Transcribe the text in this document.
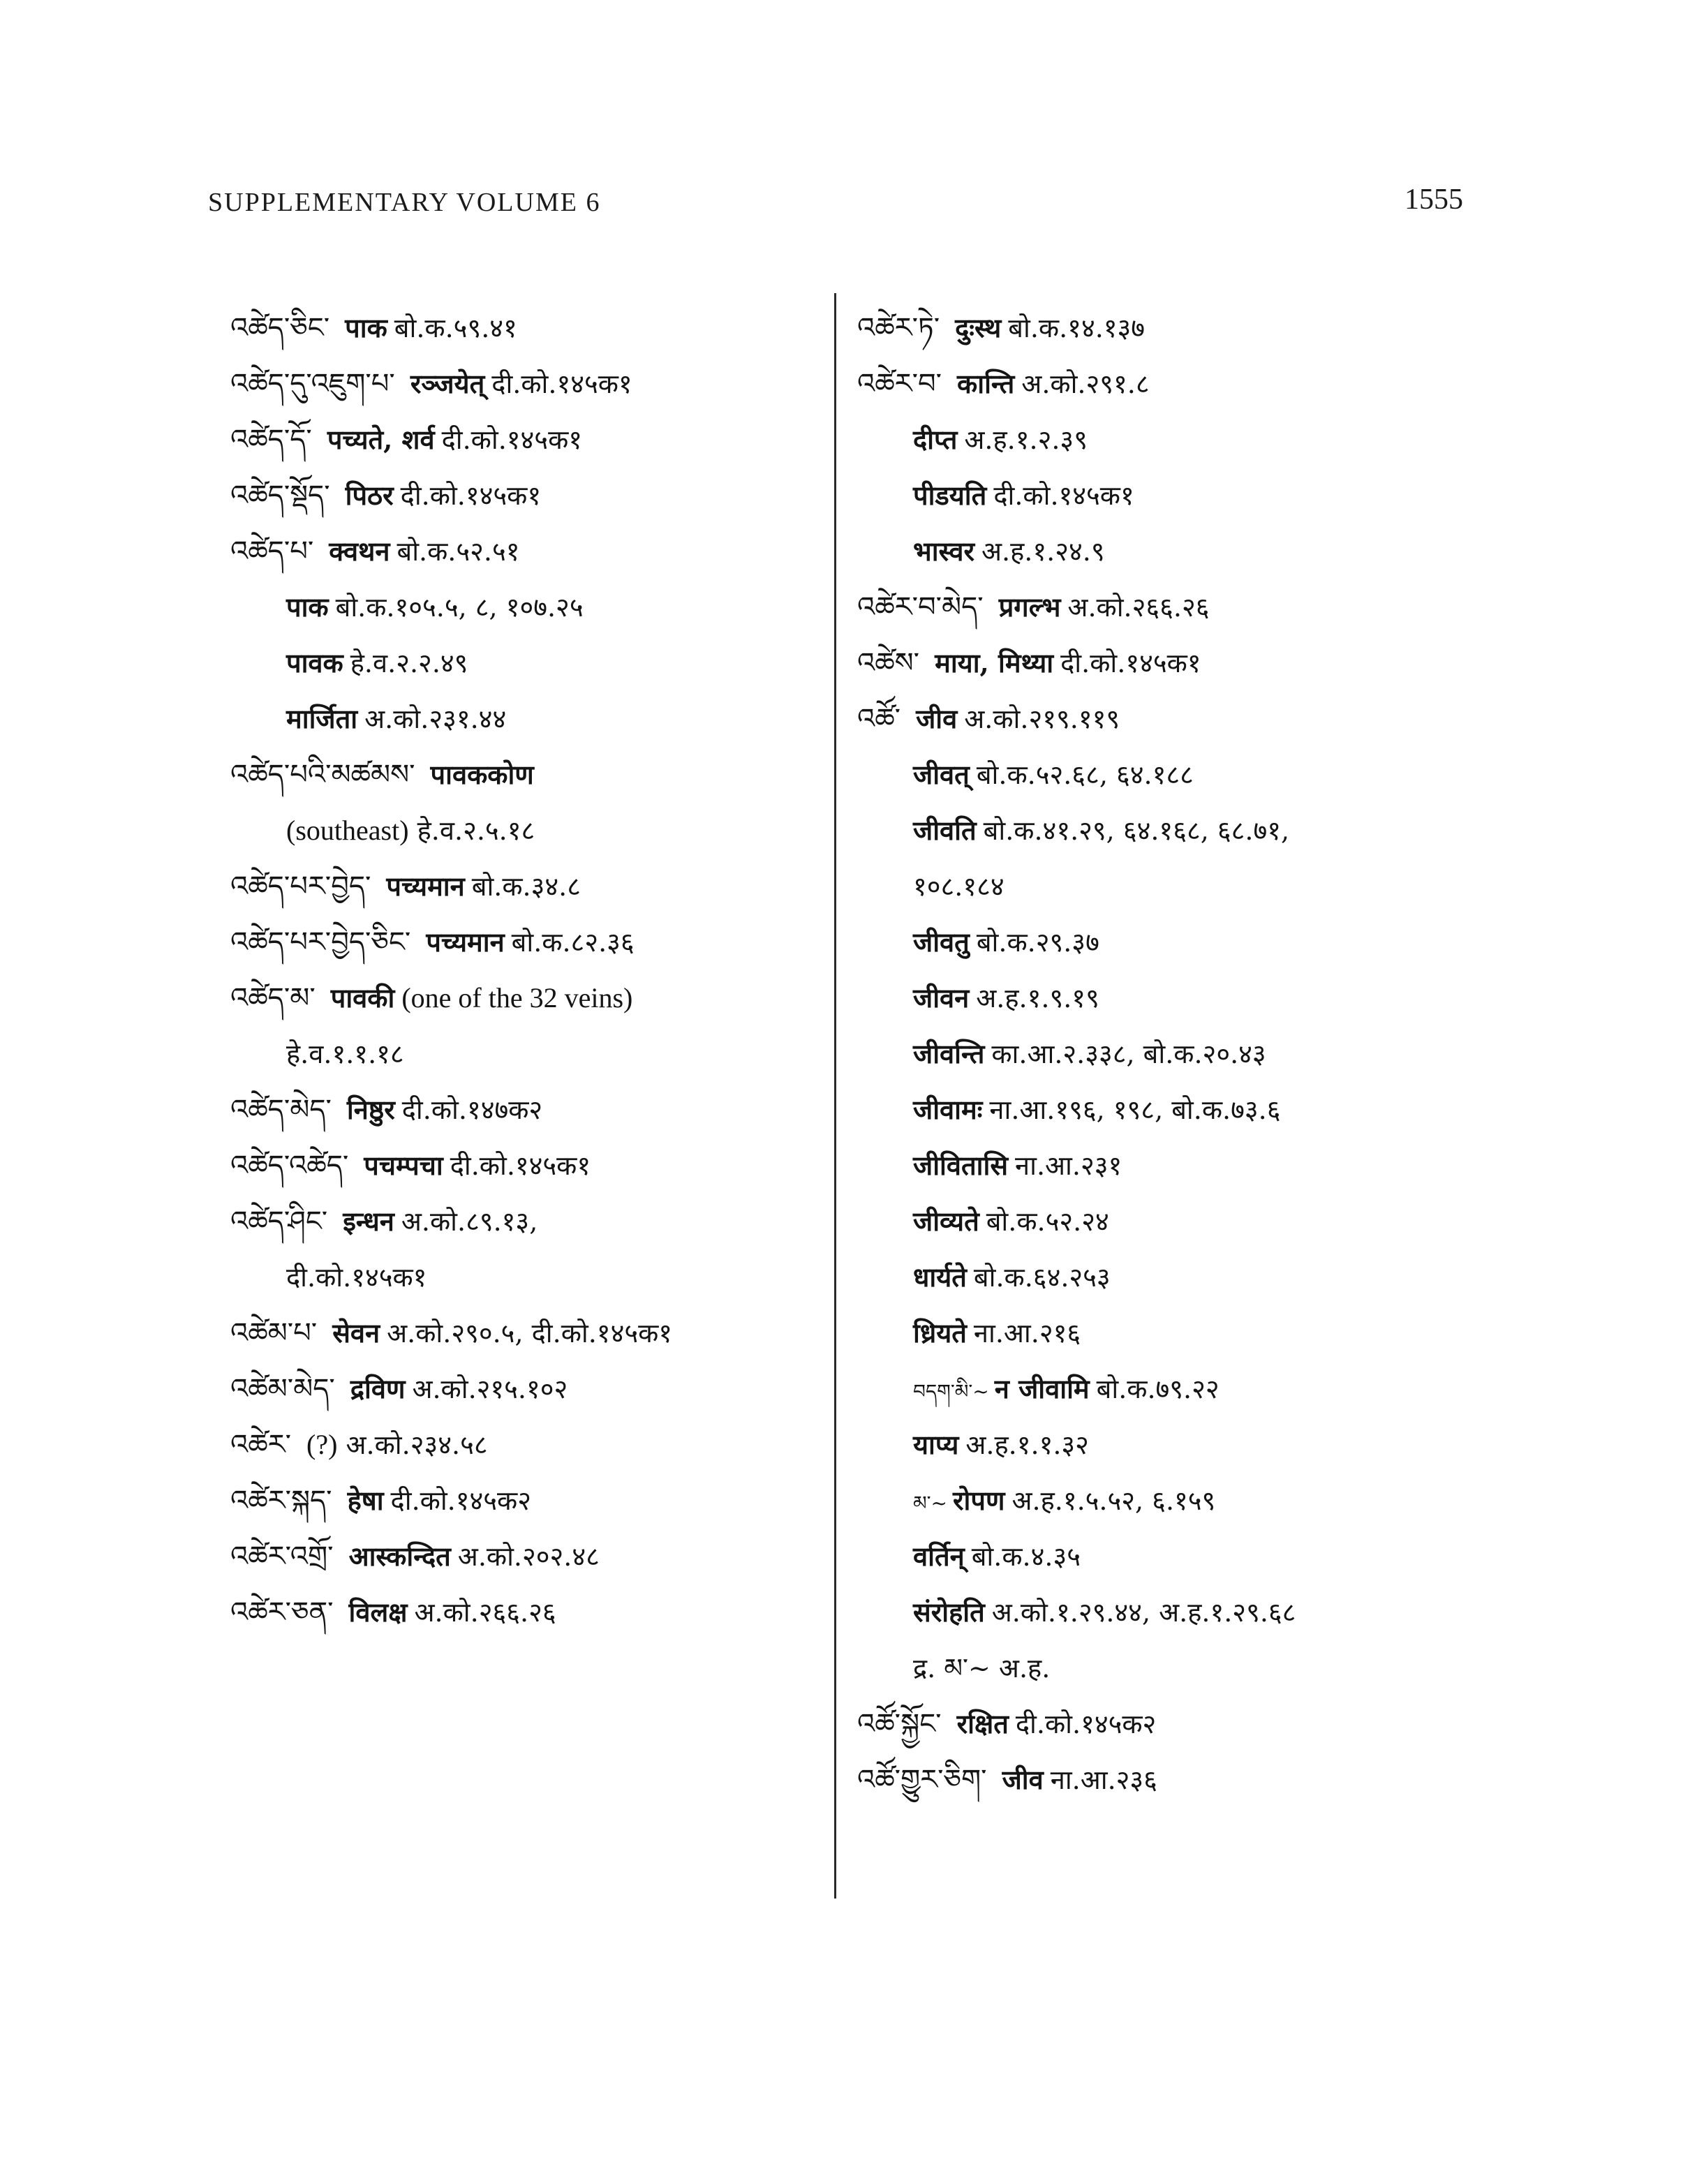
SUPPLEMENTARY VOLUME 6	1555
འཚེད་ཅིང་ पाक बो.क.५९.४१
འཚེད་དུ་འཇུག་པ་ रञ्जयेत् दी.को.१४५क१
འཚེད་དོ་ पच्यते, शर्व दी.को.१४५क१
འཚེད་སྡོད་ पिठर दी.को.१४५क१
འཚེད་པ་ क्वथन बो.क.५२.५१
पाक बो.क.१०५.५, ८, १०७.२५
पावक हे.व.२.२.४९
मार्जिता अ.को.२३१.४४
འཚེད་པའི་མཚམས་ पावककोण
(southeast) हे.व.२.५.१८
འཚེད་པར་བྱེད་ पच्यमान बो.क.३४.८
འཚེད་པར་བྱེད་ཅིང་ पच्यमान बो.क.८२.३६
འཚེད་མ་ पावकी (one of the 32 veins)
हे.व.१.१.१८
འཚེད་མེད་ निष्ठुर दी.को.१४७क२
འཚེད་འཚེད་ पचम्पचा दी.को.१४५क१
འཚེད་ཤིང་ इन्धन अ.को.८९.१३,
दी.को.१४५क१
འཚེམ་པ་ सेवन अ.को.२९०.५, दी.को.१४५क१
འཚེམ་མེད་ द्रविण अ.को.२१५.१०२
འཚེར་ (?) अ.को.२३४.५८
འཚེར་སྐད་ हेषा दी.को.१४५क२
འཚེར་འགྲོ་ आस्कन्दित अ.को.२०२.४८
འཚེར་ཅན་ विलक्ष अ.को.२६६.२६
འཚེར་ཏེ་ दुःस्थ बो.क.१४.१३७
འཚེར་བ་ कान्ति अ.को.२९१.८
दीप्त अ.ह.१.२.३९
पीडयति दी.को.१४५क१
भास्वर अ.ह.१.२४.९
འཚེར་བ་མེད་ प्रगल्भ अ.को.२६६.२६
འཚེས་ माया, मिथ्या दी.को.१४५क१
འཚོ་ जीव अ.को.२१९.११९
जीवत् बो.क.५२.६८, ६४.१८८
जीवति बो.क.४१.२९, ६४.१६८, ६८.७१,
१०८.१८४
जीवतु बो.क.२९.३७
जीवन अ.ह.१.९.१९
जीवन्ति का.आ.२.३३८, बो.क.२०.४३
जीवामः ना.आ.१९६, १९८, बो.क.७३.६
जीवितासि ना.आ.२३१
जीव्यते बो.क.५२.२४
धार्यते बो.क.६४.२५३
ध्रियते ना.आ.२१६
བདག་མི་~ न जीवामि बो.क.७९.२२
याप्य अ.ह.१.१.३२
མ་~ रोपण अ.ह.१.५.५२, ६.१५९
वर्तिन् बो.क.४.३५
संरोहति अ.को.१.२९.४४, अ.ह.१.२९.६८
द्र. མ་~ अ.ह.
འཚོ་སྐྱོང་ रक्षित दी.को.१४५क२
འཚོ་གྱུར་ཅིག་ जीव ना.आ.२३६
